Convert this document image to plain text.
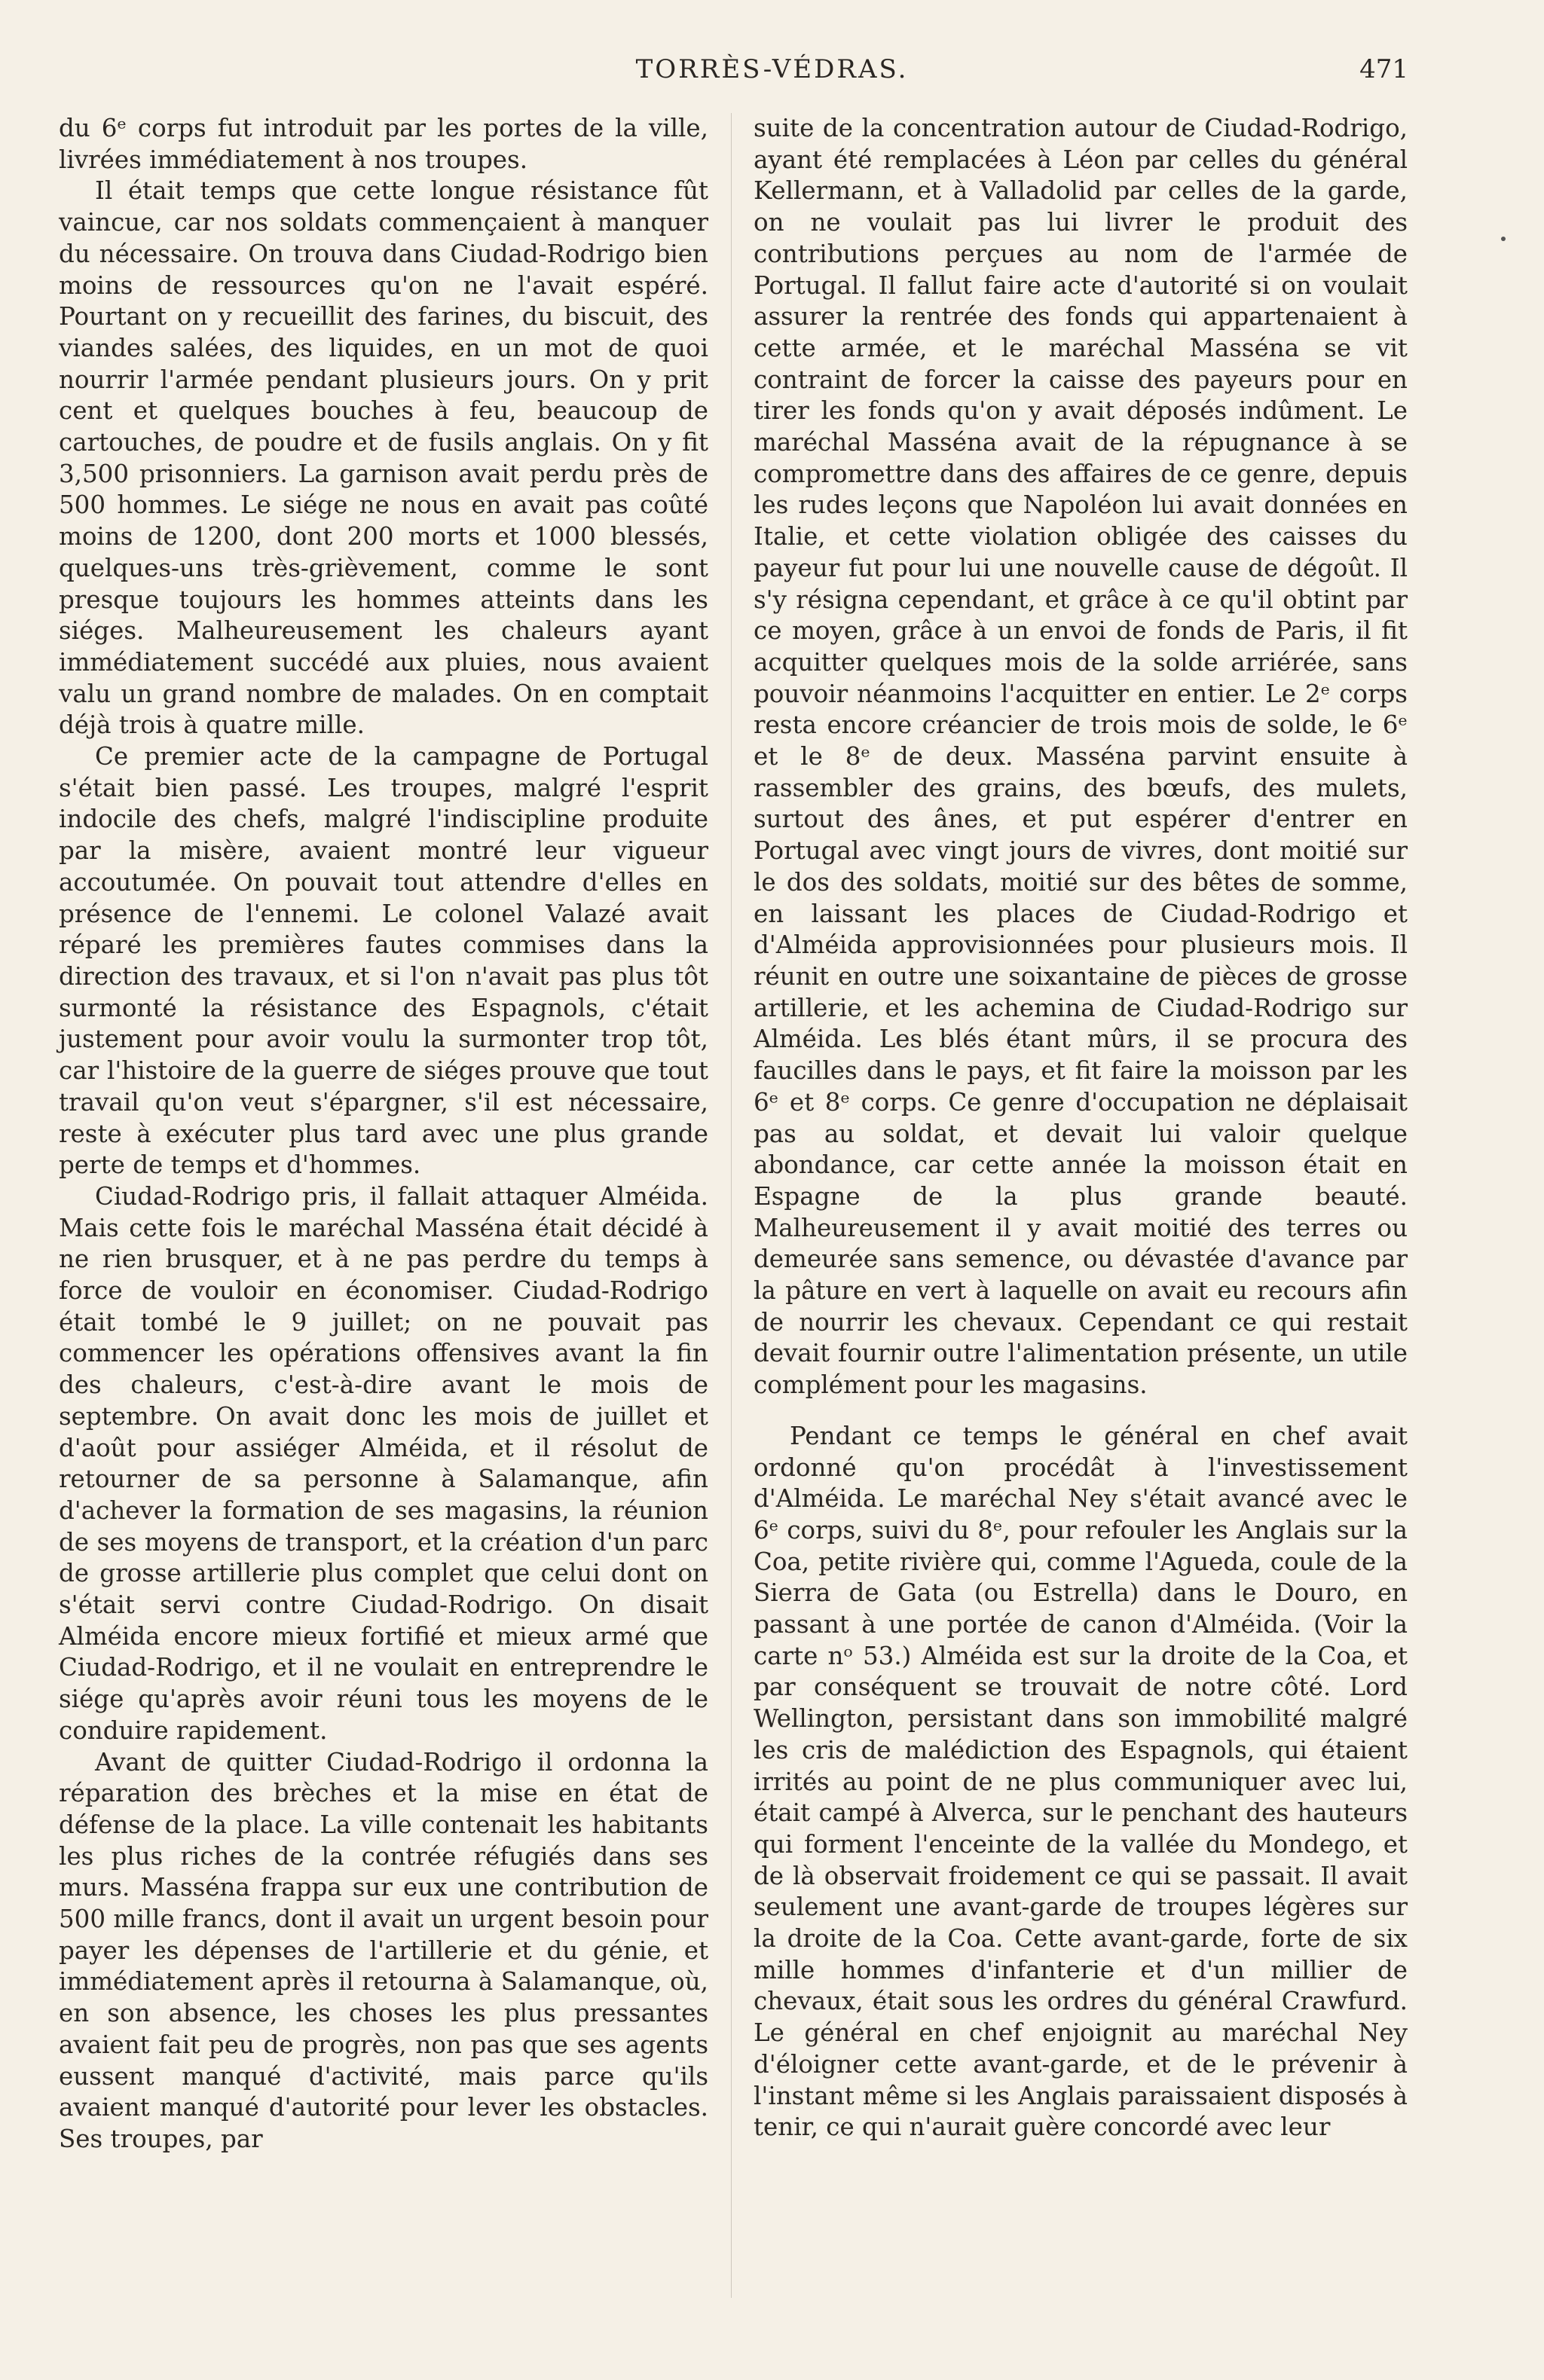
TORRÈS-VÉDRAS.	471

du 6ᵉ corps fut introduit par les portes de la ville, livrées immédiatement à nos troupes.

Il était temps que cette longue résistance fût vaincue, car nos soldats commençaient à manquer du nécessaire. On trouva dans Ciudad-Rodrigo bien moins de ressources qu'on ne l'avait espéré. Pourtant on y recueillit des farines, du biscuit, des viandes salées, des liquides, en un mot de quoi nourrir l'armée pendant plusieurs jours. On y prit cent et quelques bouches à feu, beaucoup de cartouches, de poudre et de fusils anglais. On y fit 3,500 prisonniers. La garnison avait perdu près de 500 hommes. Le siége ne nous en avait pas coûté moins de 1200, dont 200 morts et 1000 blessés, quelques-uns très-grièvement, comme le sont presque toujours les hommes atteints dans les siéges. Malheureusement les chaleurs ayant immédiatement succédé aux pluies, nous avaient valu un grand nombre de malades. On en comptait déjà trois à quatre mille.

Ce premier acte de la campagne de Portugal s'était bien passé. Les troupes, malgré l'esprit indocile des chefs, malgré l'indiscipline produite par la misère, avaient montré leur vigueur accoutumée. On pouvait tout attendre d'elles en présence de l'ennemi. Le colonel Valazé avait réparé les premières fautes commises dans la direction des travaux, et si l'on n'avait pas plus tôt surmonté la résistance des Espagnols, c'était justement pour avoir voulu la surmonter trop tôt, car l'histoire de la guerre de siéges prouve que tout travail qu'on veut s'épargner, s'il est nécessaire, reste à exécuter plus tard avec une plus grande perte de temps et d'hommes.

Ciudad-Rodrigo pris, il fallait attaquer Alméida. Mais cette fois le maréchal Masséna était décidé à ne rien brusquer, et à ne pas perdre du temps à force de vouloir en économiser. Ciudad-Rodrigo était tombé le 9 juillet; on ne pouvait pas commencer les opérations offensives avant la fin des chaleurs, c'est-à-dire avant le mois de septembre. On avait donc les mois de juillet et d'août pour assiéger Alméida, et il résolut de retourner de sa personne à Salamanque, afin d'achever la formation de ses magasins, la réunion de ses moyens de transport, et la création d'un parc de grosse artillerie plus complet que celui dont on s'était servi contre Ciudad-Rodrigo. On disait Alméida encore mieux fortifié et mieux armé que Ciudad-Rodrigo, et il ne voulait en entreprendre le siége qu'après avoir réuni tous les moyens de le conduire rapidement.

Avant de quitter Ciudad-Rodrigo il ordonna la réparation des brèches et la mise en état de défense de la place. La ville contenait les habitants les plus riches de la contrée réfugiés dans ses murs. Masséna frappa sur eux une contribution de 500 mille francs, dont il avait un urgent besoin pour payer les dépenses de l'artillerie et du génie, et immédiatement après il retourna à Salamanque, où, en son absence, les choses les plus pressantes avaient fait peu de progrès, non pas que ses agents eussent manqué d'activité, mais parce qu'ils avaient manqué d'autorité pour lever les obstacles. Ses troupes, par

suite de la concentration autour de Ciudad-Rodrigo, ayant été remplacées à Léon par celles du général Kellermann, et à Valladolid par celles de la garde, on ne voulait pas lui livrer le produit des contributions perçues au nom de l'armée de Portugal. Il fallut faire acte d'autorité si on voulait assurer la rentrée des fonds qui appartenaient à cette armée, et le maréchal Masséna se vit contraint de forcer la caisse des payeurs pour en tirer les fonds qu'on y avait déposés indûment. Le maréchal Masséna avait de la répugnance à se compromettre dans des affaires de ce genre, depuis les rudes leçons que Napoléon lui avait données en Italie, et cette violation obligée des caisses du payeur fut pour lui une nouvelle cause de dégoût. Il s'y résigna cependant, et grâce à ce qu'il obtint par ce moyen, grâce à un envoi de fonds de Paris, il fit acquitter quelques mois de la solde arriérée, sans pouvoir néanmoins l'acquitter en entier. Le 2ᵉ corps resta encore créancier de trois mois de solde, le 6ᵉ et le 8ᵉ de deux. Masséna parvint ensuite à rassembler des grains, des bœufs, des mulets, surtout des ânes, et put espérer d'entrer en Portugal avec vingt jours de vivres, dont moitié sur le dos des soldats, moitié sur des bêtes de somme, en laissant les places de Ciudad-Rodrigo et d'Alméida approvisionnées pour plusieurs mois. Il réunit en outre une soixantaine de pièces de grosse artillerie, et les achemina de Ciudad-Rodrigo sur Alméida. Les blés étant mûrs, il se procura des faucilles dans le pays, et fit faire la moisson par les 6ᵉ et 8ᵉ corps. Ce genre d'occupation ne déplaisait pas au soldat, et devait lui valoir quelque abondance, car cette année la moisson était en Espagne de la plus grande beauté. Malheureusement il y avait moitié des terres ou demeurée sans semence, ou dévastée d'avance par la pâture en vert à laquelle on avait eu recours afin de nourrir les chevaux. Cependant ce qui restait devait fournir outre l'alimentation présente, un utile complément pour les magasins.

Pendant ce temps le général en chef avait ordonné qu'on procédât à l'investissement d'Alméida. Le maréchal Ney s'était avancé avec le 6ᵉ corps, suivi du 8ᵉ, pour refouler les Anglais sur la Coa, petite rivière qui, comme l'Agueda, coule de la Sierra de Gata (ou Estrella) dans le Douro, en passant à une portée de canon d'Alméida. (Voir la carte nᵒ 53.) Alméida est sur la droite de la Coa, et par conséquent se trouvait de notre côté. Lord Wellington, persistant dans son immobilité malgré les cris de malédiction des Espagnols, qui étaient irrités au point de ne plus communiquer avec lui, était campé à Alverca, sur le penchant des hauteurs qui forment l'enceinte de la vallée du Mondego, et de là observait froidement ce qui se passait. Il avait seulement une avant-garde de troupes légères sur la droite de la Coa. Cette avant-garde, forte de six mille hommes d'infanterie et d'un millier de chevaux, était sous les ordres du général Crawfurd. Le général en chef enjoignit au maréchal Ney d'éloigner cette avant-garde, et de le prévenir à l'instant même si les Anglais paraissaient disposés à tenir, ce qui n'aurait guère concordé avec leur
